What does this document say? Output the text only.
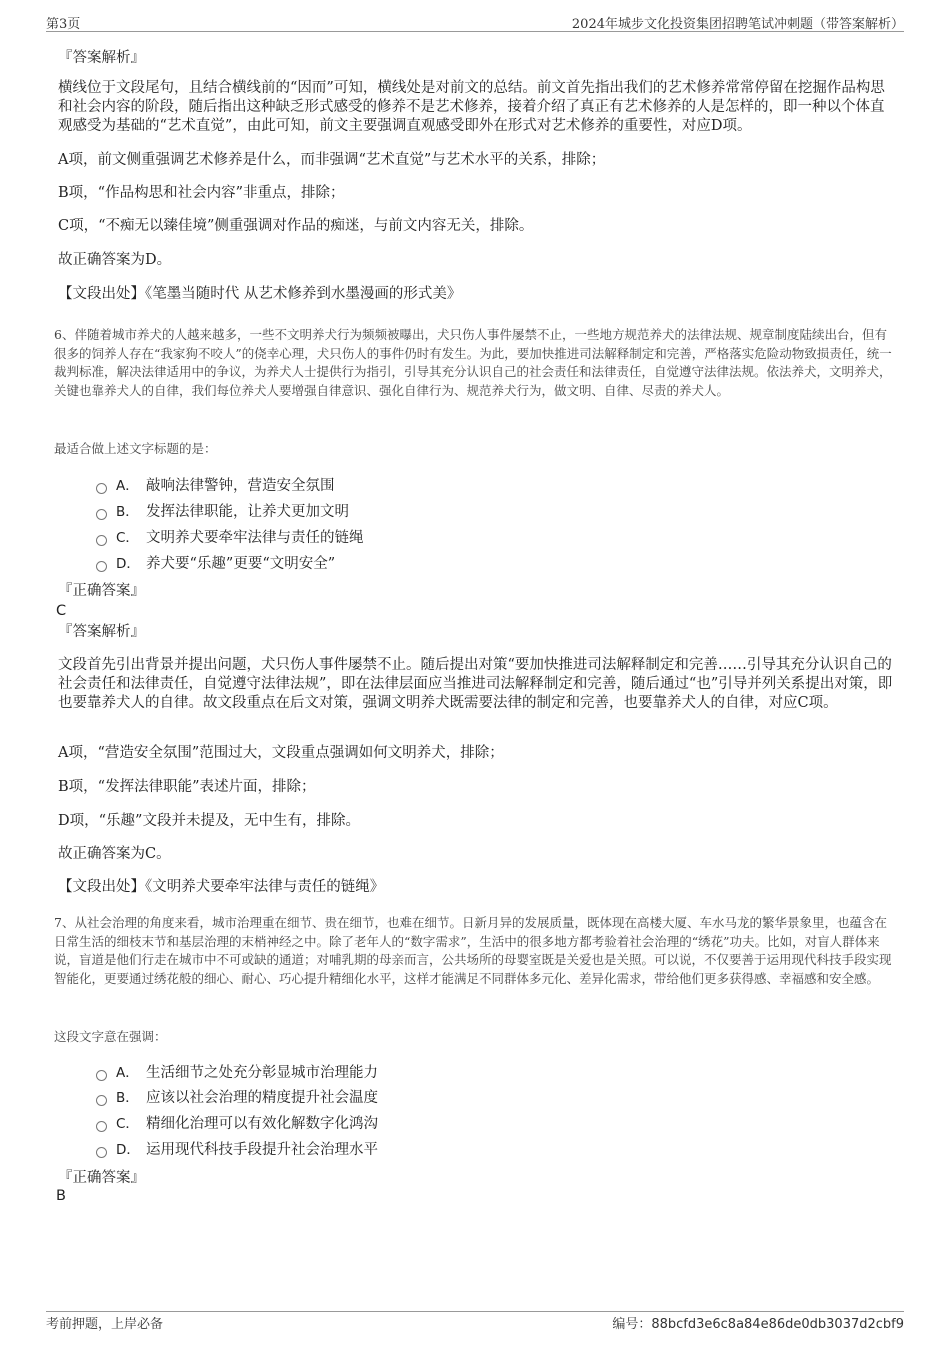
第3页	2024年城步文化投资集团招聘笔试冲刺题（带答案解析）
『答案解析』
横线位于文段尾句，且结合横线前的“因而”可知，横线处是对前文的总结。前文首先指出我们的艺术修养常常停留在挖掘作品构思和社会内容的阶段，随后指出这种缺乏形式感受的修养不是艺术修养，接着介绍了真正有艺术修养的人是怎样的，即一种以个体直观感受为基础的“艺术直觉”，由此可知，前文主要强调直观感受即外在形式对艺术修养的重要性，对应D项。
A项，前文侧重强调艺术修养是什么，而非强调“艺术直觉”与艺术水平的关系，排除；
B项，“作品构思和社会内容”非重点，排除；
C项，“不痴无以臻佳境”侧重强调对作品的痴迷，与前文内容无关，排除。
故正确答案为D。
【文段出处】《笔墨当随时代 从艺术修养到水墨漫画的形式美》
6、伴随着城市养犬的人越来越多，一些不文明养犬行为频频被曝出，犬只伤人事件屡禁不止，一些地方规范养犬的法律法规、规章制度陆续出台，但有很多的饲养人存在“我家狗不咬人”的侥幸心理，犬只伤人的事件仍时有发生。为此，要加快推进司法解释制定和完善，严格落实危险动物致损责任，统一裁判标准，解决法律适用中的争议，为养犬人士提供行为指引，引导其充分认识自己的社会责任和法律责任，自觉遵守法律法规。依法养犬，文明养犬，关键也靠养犬人的自律，我们每位养犬人要增强自律意识、强化自律行为、规范养犬行为，做文明、自律、尽责的养犬人。
最适合做上述文字标题的是：
A． 敲响法律警钟，营造安全氛围
B． 发挥法律职能，让养犬更加文明
C． 文明养犬要牵牢法律与责任的链绳
D． 养犬要“乐趣”更要“文明安全”
『正确答案』
C
『答案解析』
文段首先引出背景并提出问题，犬只伤人事件屡禁不止。随后提出对策“要加快推进司法解释制定和完善……引导其充分认识自己的社会责任和法律责任，自觉遵守法律法规”，即在法律层面应当推进司法解释制定和完善，随后通过“也”引导并列关系提出对策，即也要靠养犬人的自律。故文段重点在后文对策，强调文明养犬既需要法律的制定和完善，也要靠养犬人的自律，对应C项。
A项，“营造安全氛围”范围过大，文段重点强调如何文明养犬，排除；
B项，“发挥法律职能”表述片面，排除；
D项，“乐趣”文段并未提及，无中生有，排除。
故正确答案为C。
【文段出处】《文明养犬要牵牢法律与责任的链绳》
7、从社会治理的角度来看，城市治理重在细节、贵在细节，也难在细节。日新月异的发展质量，既体现在高楼大厦、车水马龙的繁华景象里，也蕴含在日常生活的细枝末节和基层治理的末梢神经之中。除了老年人的“数字需求”，生活中的很多地方都考验着社会治理的“绣花”功夫。比如，对盲人群体来说，盲道是他们行走在城市中不可或缺的通道；对哺乳期的母亲而言，公共场所的母婴室既是关爱也是关照。可以说，不仅要善于运用现代科技手段实现智能化，更要通过绣花般的细心、耐心、巧心提升精细化水平，这样才能满足不同群体多元化、差异化需求，带给他们更多获得感、幸福感和安全感。
这段文字意在强调：
A． 生活细节之处充分彰显城市治理能力
B． 应该以社会治理的精度提升社会温度
C． 精细化治理可以有效化解数字化鸿沟
D． 运用现代科技手段提升社会治理水平
『正确答案』
B
考前押题，上岸必备	编号：88bcfd3e6c8a84e86de0db3037d2cbf9
